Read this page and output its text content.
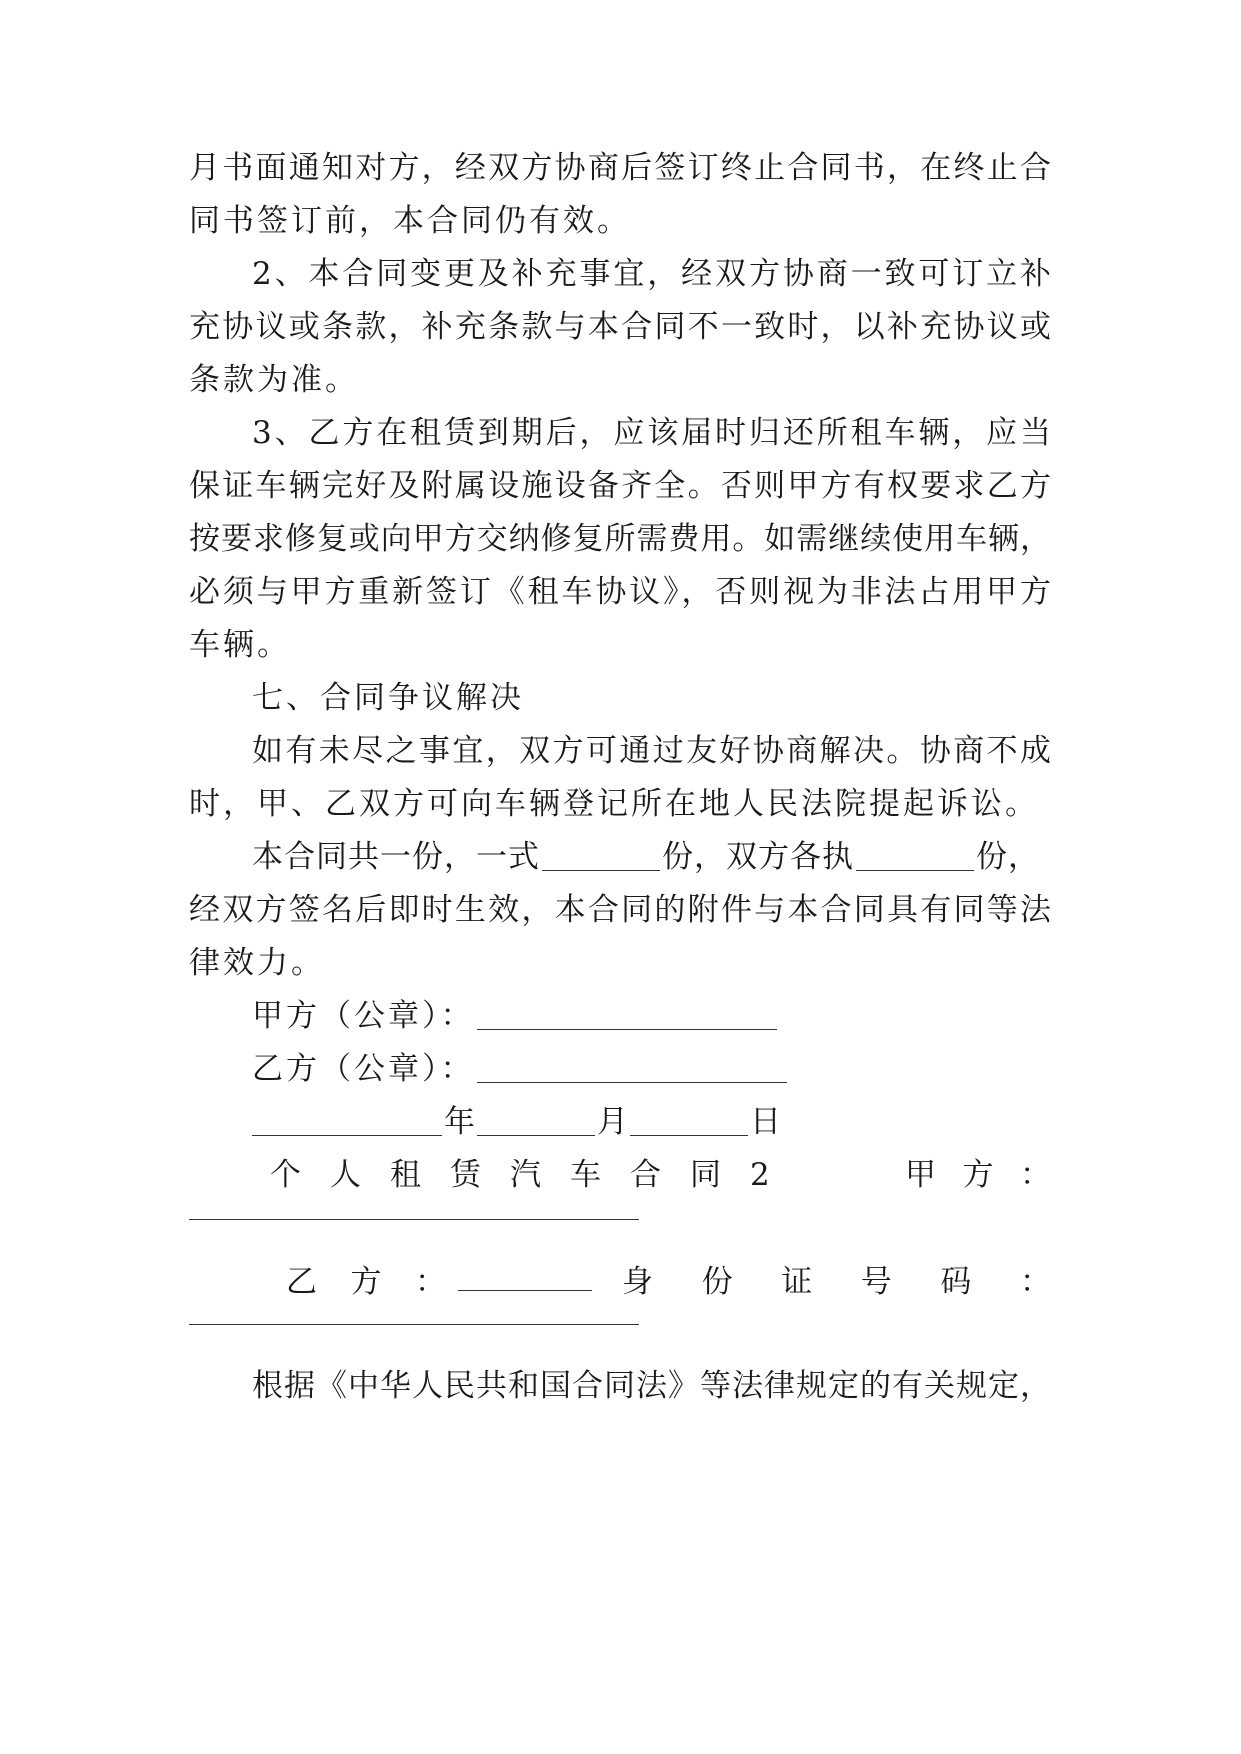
月书面通知对方，经双方协商后签订终止合同书，在终止合
同书签订前，本合同仍有效。
2、本合同变更及补充事宜，经双方协商一致可订立补
充协议或条款，补充条款与本合同不一致时，以补充协议或
条款为准。
3、乙方在租赁到期后，应该届时归还所租车辆，应当
保证车辆完好及附属设施设备齐全。否则甲方有权要求乙方
按要求修复或向甲方交纳修复所需费用。如需继续使用车辆，
必须与甲方重新签订《租车协议》，否则视为非法占用甲方
车辆。
七、合同争议解决
如有未尽之事宜，双方可通过友好协商解决。协商不成
时，甲、乙双方可向车辆登记所在地人民法院提起诉讼。
本合同共一份，一式	份，双方各执	份，
经双方签名后即时生效，本合同的附件与本合同具有同等法
律效力。
甲方（公章）：
乙方（公章）：
年	月	日
个人租赁汽车合同2	甲方：
乙方：	身份证号码：
根据《中华人民共和国合同法》等法律规定的有关规定，
